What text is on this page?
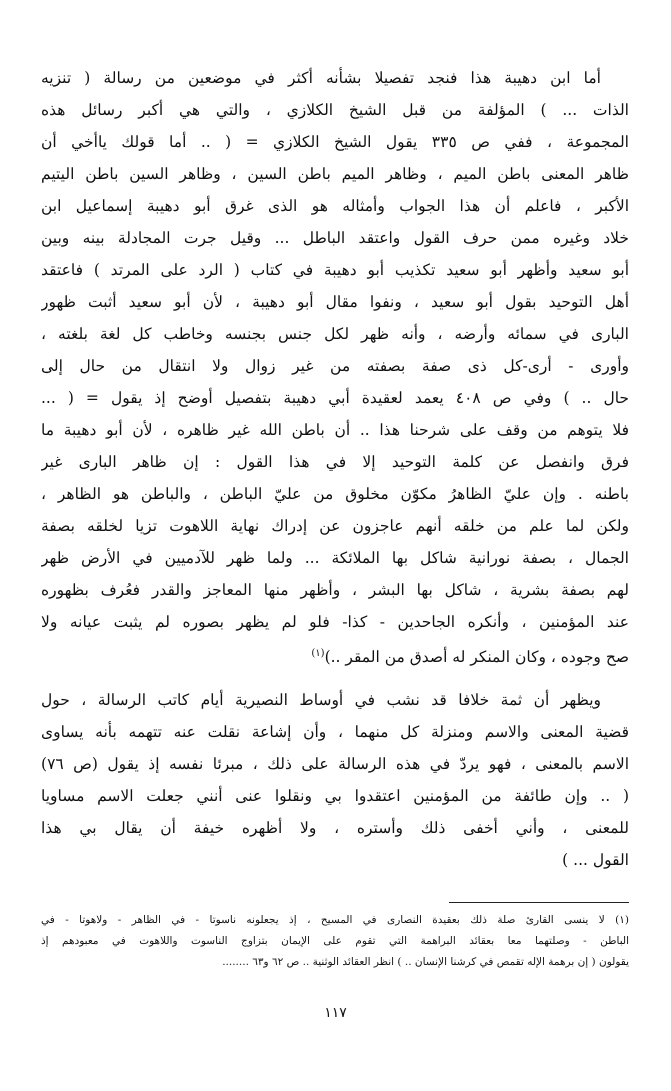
أما ابن دهيبة هذا فنجد تفصيلا بشأنه أكثر في موضعين من رسالة ( تنزيه
الذات ... ) المؤلفة من قبل الشيخ الكلازي ، والتي هي أكبر رسائل هذه
المجموعة ، ففي ص ٣٣٥ يقول الشيخ الكلازي = ( .. أما قولك ياأخي أن
ظاهر المعنى باطن الميم ، وظاهر الميم باطن السين ، وظاهر السين باطن اليتيم
الأكبر ، فاعلم أن هذا الجواب وأمثاله هو الذى غرق أبو دهيبة إسماعيل ابن
خلاد وغيره ممن حرف القول واعتقد الباطل ... وقيل جرت المجادلة بينه وبين
أبو سعيد وأظهر أبو سعيد تكذيب أبو دهيبة في كتاب ( الرد على المرتد ) فاعتقد
أهل التوحيد بقول أبو سعيد ، ونفوا مقال أبو دهيبة ، لأن أبو سعيد أثبت ظهور
البارى في سمائه وأرضه ، وأنه ظهر لكل جنس بجنسه وخاطب كل لغة بلغته ،
وأورى - أرى-كل ذى صفة بصفته من غير زوال ولا انتقال من حال إلى
حال .. ) وفي ص ٤٠٨ يعمد لعقيدة أبي دهيبة بتفصيل أوضح إذ يقول = ( ...
فلا يتوهم من وقف على شرحنا هذا .. أن باطن الله غير ظاهره ، لأن أبو دهيبة ما
فرق وانفصل عن كلمة التوحيد إلا في هذا القول : إن ظاهر البارى غير
باطنه . وإن عليّ الظاهرُ مكوّن مخلوق من عليّ الباطن ، والباطن هو الظاهر ،
ولكن لما علم من خلقه أنهم عاجزون عن إدراك نهاية اللاهوت تزيا لخلقه بصفة
الجمال ، بصفة نورانية شاكل بها الملائكة ... ولما ظهر للآدميين في الأرض ظهر
لهم بصفة بشرية ، شاكل بها البشر ، وأظهر منها المعاجز والقدر فعُرف بظهوره
عند المؤمنين ، وأنكره الجاحدين - كذا- فلو لم يظهر بصوره لم يثبت عيانه ولا
صح وجوده ، وكان المنكر له أصدق من المقر ..)$^{(١)}$
ويظهر أن ثمة خلافا قد نشب في أوساط النصيرية أيام كاتب الرسالة ، حول
قضية المعنى والاسم ومنزلة كل منهما ، وأن إشاعة نقلت عنه تتهمه بأنه يساوى
الاسم بالمعنى ، فهو يردّ في هذه الرسالة على ذلك ، مبرئا نفسه إذ يقول (ص ٧٦)
( .. وإن طائفة من المؤمنين اعتقدوا بي ونقلوا عنى أنني جعلت الاسم مساويا
للمعنى ، وأني أخفى ذلك وأستره ، ولا أظهره خيفة أن يقال بي هذا
القول ... )
(١) لا ينسى القارئ صلة ذلك بعقيدة النصارى في المسيح ، إذ يجعلونه ناسوتا - في الظاهر - ولاهوتا - في
الباطن - وصلتهما معا بعقائد البراهمة التي تقوم على الإيمان بتزاوج الناسوت واللاهوت في معبودهم إذ
يقولون ( إن برهمة الإله تقمص في كرشنا الإنسان .. ) انظر العقائد الوثنية .. ص ٦٢ و٦٣ ........
١١٧
